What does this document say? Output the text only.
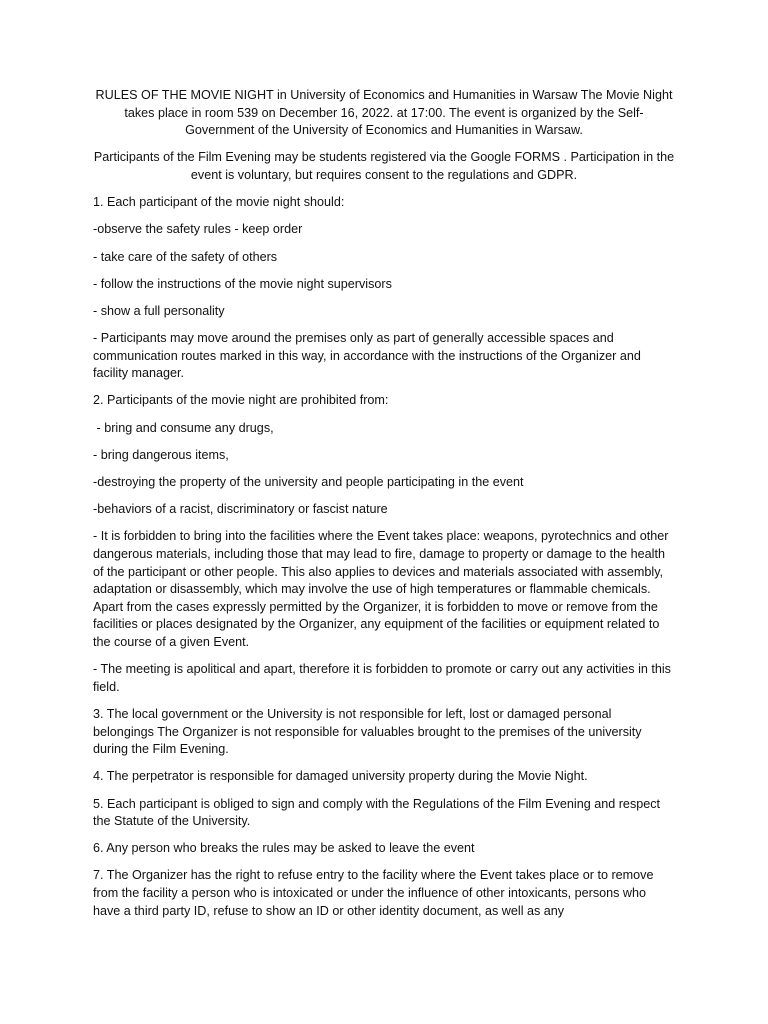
RULES OF THE MOVIE NIGHT in University of Economics and Humanities in Warsaw The Movie Night takes place in room 539 on December 16, 2022. at 17:00. The event is organized by the Self-Government of the University of Economics and Humanities in Warsaw.

Participants of the Film Evening may be students registered via the Google FORMS . Participation in the event is voluntary, but requires consent to the regulations and GDPR.

1. Each participant of the movie night should:

-observe the safety rules - keep order

- take care of the safety of others

- follow the instructions of the movie night supervisors

- show a full personality

- Participants may move around the premises only as part of generally accessible spaces and communication routes marked in this way, in accordance with the instructions of the Organizer and facility manager.

2. Participants of the movie night are prohibited from:

- bring and consume any drugs,

- bring dangerous items,

-destroying the property of the university and people participating in the event

-behaviors of a racist, discriminatory or fascist nature

- It is forbidden to bring into the facilities where the Event takes place: weapons, pyrotechnics and other dangerous materials, including those that may lead to fire, damage to property or damage to the health of the participant or other people. This also applies to devices and materials associated with assembly, adaptation or disassembly, which may involve the use of high temperatures or flammable chemicals. Apart from the cases expressly permitted by the Organizer, it is forbidden to move or remove from the facilities or places designated by the Organizer, any equipment of the facilities or equipment related to the course of a given Event.

- The meeting is apolitical and apart, therefore it is forbidden to promote or carry out any activities in this field.

3. The local government or the University is not responsible for left, lost or damaged personal belongings The Organizer is not responsible for valuables brought to the premises of the university during the Film Evening.

4. The perpetrator is responsible for damaged university property during the Movie Night.

5. Each participant is obliged to sign and comply with the Regulations of the Film Evening and respect the Statute of the University.

6. Any person who breaks the rules may be asked to leave the event

7. The Organizer has the right to refuse entry to the facility where the Event takes place or to remove from the facility a person who is intoxicated or under the influence of other intoxicants, persons who have a third party ID, refuse to show an ID or other identity document, as well as any
